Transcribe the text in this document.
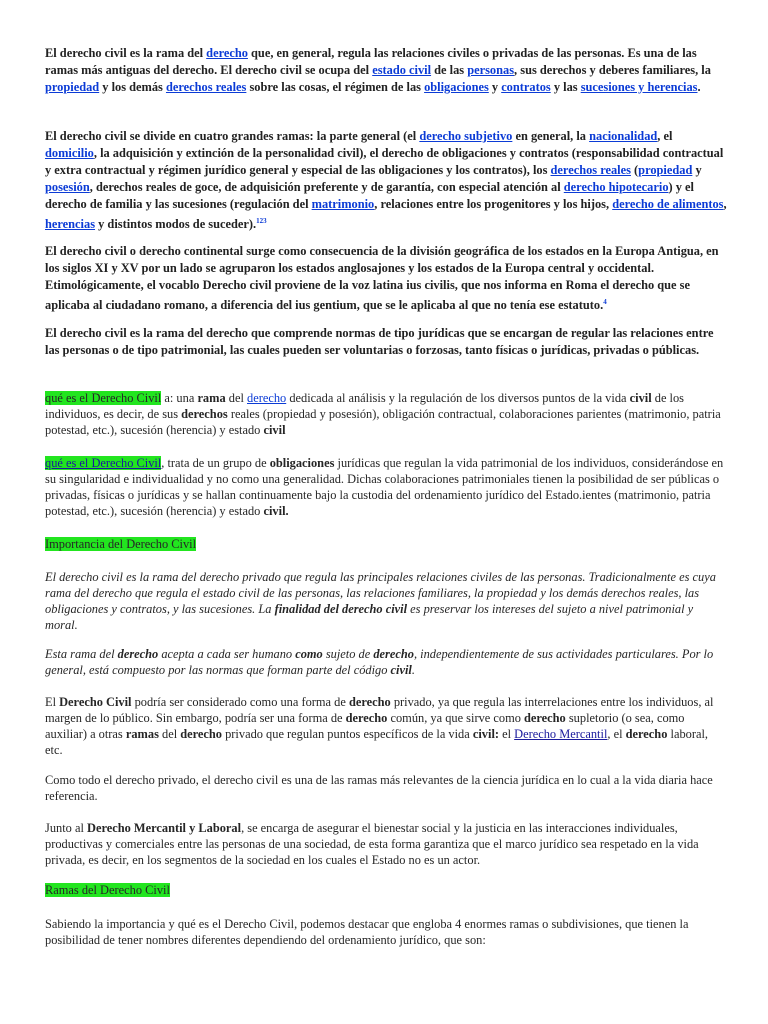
El derecho civil es la rama del derecho que, en general, regula las relaciones civiles o privadas de las personas. Es una de las ramas más antiguas del derecho. El derecho civil se ocupa del estado civil de las personas, sus derechos y deberes familiares, la propiedad y los demás derechos reales sobre las cosas, el régimen de las obligaciones y contratos y las sucesiones y herencias.

El derecho civil se divide en cuatro grandes ramas: la parte general (el derecho subjetivo en general, la nacionalidad, el domicilio, la adquisición y extinción de la personalidad civil), el derecho de obligaciones y contratos (responsabilidad contractual y extra contractual y régimen jurídico general y especial de las obligaciones y los contratos), los derechos reales (propiedad y posesión, derechos reales de goce, de adquisición preferente y de garantía, con especial atención al derecho hipotecario) y el derecho de familia y las sucesiones (regulación del matrimonio, relaciones entre los progenitores y los hijos, derecho de alimentos, herencias y distintos modos de suceder).$^{123}$

El derecho civil o derecho continental surge como consecuencia de la división geográfica de los estados en la Europa Antigua, en los siglos XI y XV por un lado se agruparon los estados anglosajones y los estados de la Europa central y occidental. Etimológicamente, el vocablo Derecho civil proviene de la voz latina ius civilis, que nos informa en Roma el derecho que se aplicaba al ciudadano romano, a diferencia del ius gentium, que se le aplicaba al que no tenía ese estatuto.$^4$

El derecho civil es la rama del derecho que comprende normas de tipo jurídicas que se encargan de regular las relaciones entre las personas o de tipo patrimonial, las cuales pueden ser voluntarias o forzosas, tanto físicas o jurídicas, privadas o públicas.

qué es el Derecho Civil a: una rama del derecho dedicada al análisis y la regulación de los diversos puntos de la vida civil de los individuos, es decir, de sus derechos reales (propiedad y posesión), obligación contractual, colaboraciones parientes (matrimonio, patria potestad, etc.), sucesión (herencia) y estado civil

qué es el Derecho Civil, trata de un grupo de obligaciones jurídicas que regulan la vida patrimonial de los individuos, considerándose en su singularidad e individualidad y no como una generalidad. Dichas colaboraciones patrimoniales tienen la posibilidad de ser públicas o privadas, físicas o jurídicas y se hallan continuamente bajo la custodia del ordenamiento jurídico del Estado.ientes (matrimonio, patria potestad, etc.), sucesión (herencia) y estado civil.

Importancia del Derecho Civil

El derecho civil es la rama del derecho privado que regula las principales relaciones civiles de las personas. Tradicionalmente es cuya rama del derecho que regula el estado civil de las personas, las relaciones familiares, la propiedad y los demás derechos reales, las obligaciones y contratos, y las sucesiones. La finalidad del derecho civil es preservar los intereses del sujeto a nivel patrimonial y moral.

Esta rama del derecho acepta a cada ser humano como sujeto de derecho, independientemente de sus actividades particulares. Por lo general, está compuesto por las normas que forman parte del código civil.

El Derecho Civil podría ser considerado como una forma de derecho privado, ya que regula las interrelaciones entre los individuos, al margen de lo público. Sin embargo, podría ser una forma de derecho común, ya que sirve como derecho supletorio (o sea, como auxiliar) a otras ramas del derecho privado que regulan puntos específicos de la vida civil: el Derecho Mercantil, el derecho laboral, etc.

Como todo el derecho privado, el derecho civil es una de las ramas más relevantes de la ciencia jurídica en lo cual a la vida diaria hace referencia.

Junto al Derecho Mercantil y Laboral, se encarga de asegurar el bienestar social y la justicia en las interacciones individuales, productivas y comerciales entre las personas de una sociedad, de esta forma garantiza que el marco jurídico sea respetado en la vida privada, es decir, en los segmentos de la sociedad en los cuales el Estado no es un actor.

Ramas del Derecho Civil

Sabiendo la importancia y qué es el Derecho Civil, podemos destacar que engloba 4 enormes ramas o subdivisiones, que tienen la posibilidad de tener nombres diferentes dependiendo del ordenamiento jurídico, que son:
